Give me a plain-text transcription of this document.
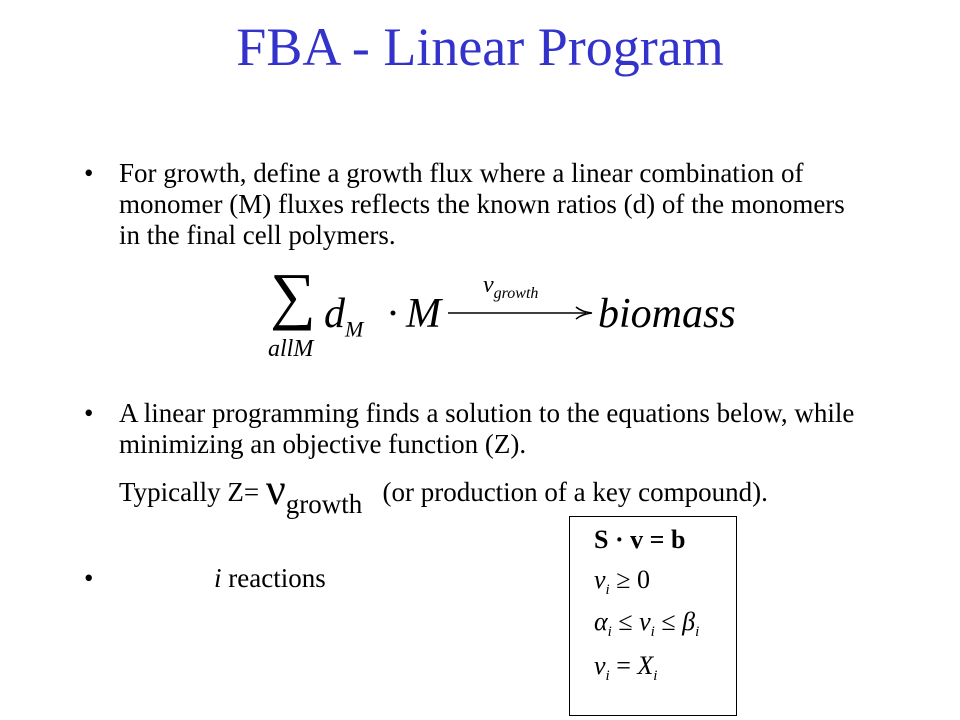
FBA - Linear Program
• For growth, define a growth flux where a linear combination of monomer (M) fluxes reflects the known ratios (d) of the monomers in the final cell polymers.
∑
allM
$d_M \cdot M$
$v_{growth}$ biomass
• A linear programming finds a solution to the equations below, while minimizing an objective function (Z).
Typically Z= νgrowth (or production of a key compound).
•	i reactions
S · v = b
$v_i \ge 0$
$\alpha_i \le v_i \le \beta_i$
$v_i = X_i$
